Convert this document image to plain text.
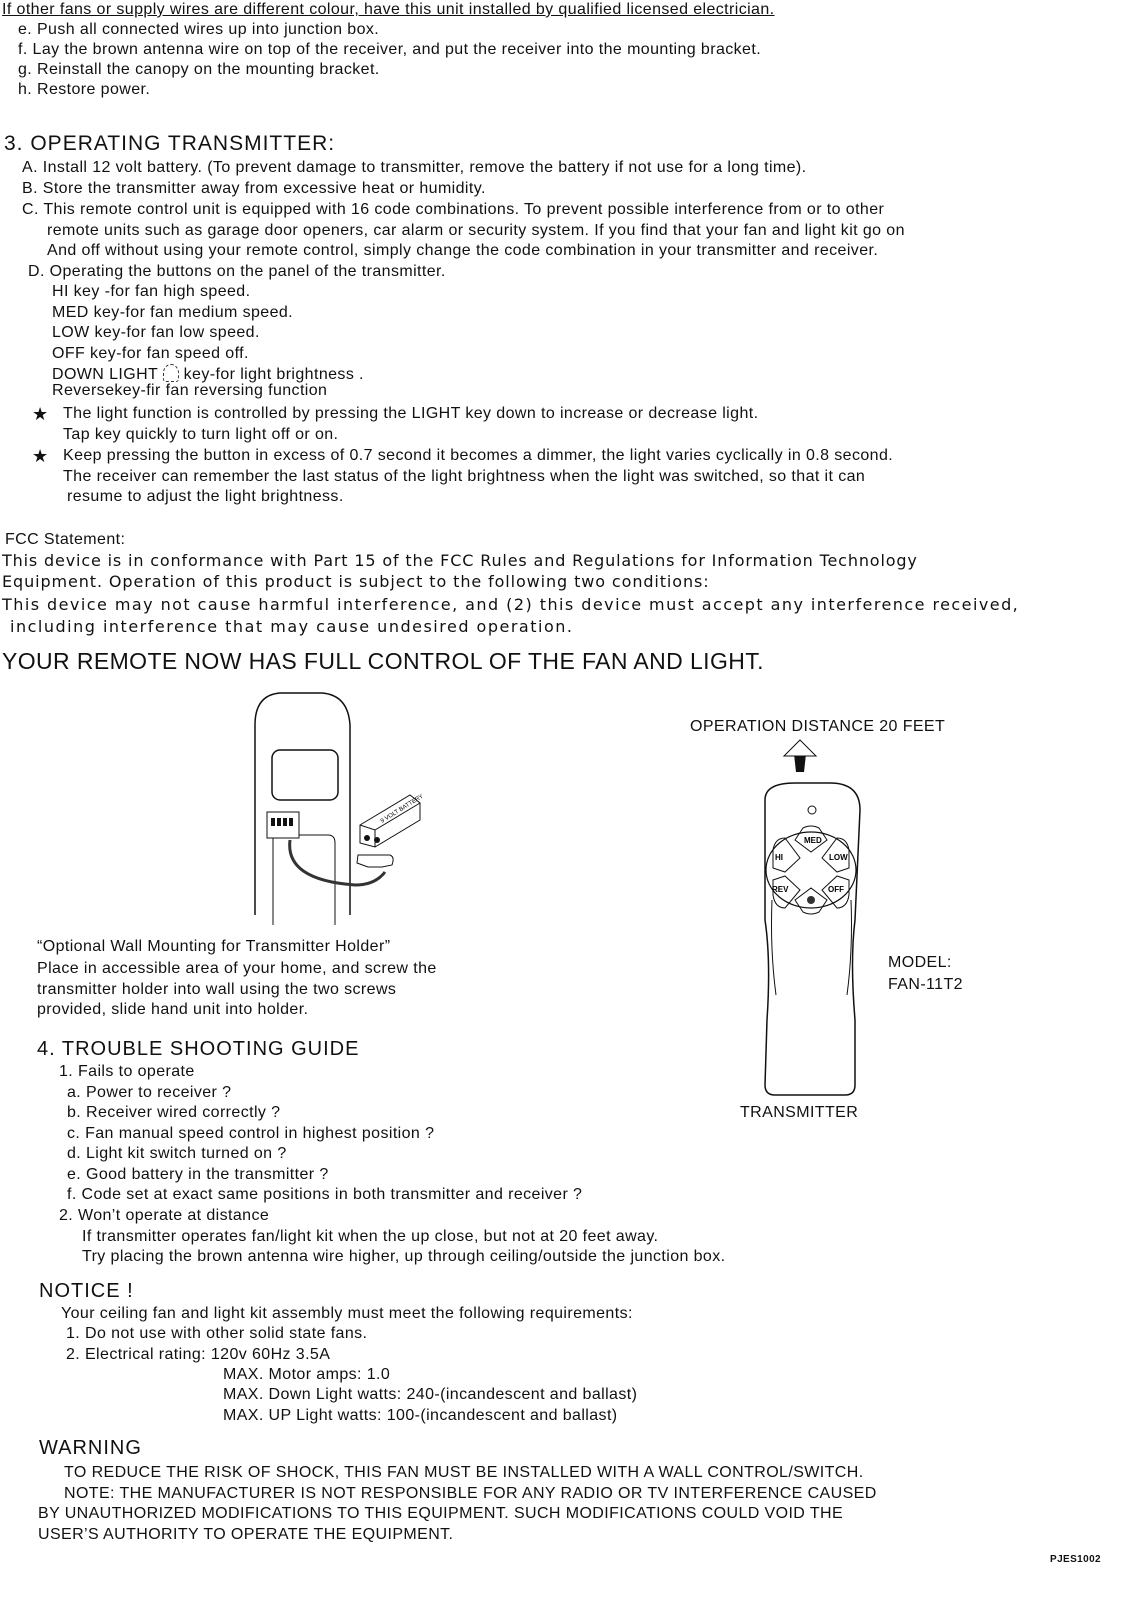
If other fans or supply wires are different colour, have this unit installed by qualified licensed electrician.
e. Push all connected wires up into junction box.
f. Lay the brown antenna wire on top of the receiver, and put the receiver into the mounting bracket.
g. Reinstall the canopy on the mounting bracket.
h. Restore power.
3. OPERATING TRANSMITTER:
A. Install 12 volt battery. (To prevent damage to transmitter, remove the battery if not use for a long time).
B. Store the transmitter away from excessive heat or humidity.
C. This remote control unit is equipped with 16 code combinations. To prevent possible interference from or to other
remote units such as garage door openers, car alarm or security system. If you find that your fan and light kit go on
And off without using your remote control, simply change the code combination in your transmitter and receiver.
D. Operating the buttons on the panel of the transmitter.
HI key -for fan high speed.
MED key-for fan medium speed.
LOW key-for fan low speed.
OFF key-for fan speed off.
DOWN LIGHT key-for light brightness .
Reversekey-fir fan reversing function
★ The light function is controlled by pressing the LIGHT key down to increase or decrease light.
Tap key quickly to turn light off or on.
★ Keep pressing the button in excess of 0.7 second it becomes a dimmer, the light varies cyclically in 0.8 second.
The receiver can remember the last status of the light brightness when the light was switched, so that it can
resume to adjust the light brightness.
FCC Statement:
This device is in conformance with Part 15 of the FCC Rules and Regulations for Information Technology
Equipment. Operation of this product is subject to the following two conditions:
This device may not cause harmful interference, and (2) this device must accept any interference received,
including interference that may cause undesired operation.
YOUR REMOTE NOW HAS FULL CONTROL OF THE FAN AND LIGHT.
9 VOLT BATTERY
OPERATION DISTANCE 20 FEET
MED
HI	LOW
REV	OFF
“Optional Wall Mounting for Transmitter Holder”
Place in accessible area of your home, and screw the
transmitter holder into wall using the two screws
provided, slide hand unit into holder.
MODEL:
FAN-11T2
TRANSMITTER
4. TROUBLE SHOOTING GUIDE
1. Fails to operate
a. Power to receiver ?
b. Receiver wired correctly ?
c. Fan manual speed control in highest position ?
d. Light kit switch turned on ?
e. Good battery in the transmitter ?
f. Code set at exact same positions in both transmitter and receiver ?
2. Won’t operate at distance
If transmitter operates fan/light kit when the up close, but not at 20 feet away.
Try placing the brown antenna wire higher, up through ceiling/outside the junction box.
NOTICE !
Your ceiling fan and light kit assembly must meet the following requirements:
1. Do not use with other solid state fans.
2. Electrical rating: 120v 60Hz 3.5A
MAX. Motor amps: 1.0
MAX. Down Light watts: 240-(incandescent and ballast)
MAX. UP Light watts: 100-(incandescent and ballast)
WARNING
TO REDUCE THE RISK OF SHOCK, THIS FAN MUST BE INSTALLED WITH A WALL CONTROL/SWITCH.
NOTE: THE MANUFACTURER IS NOT RESPONSIBLE FOR ANY RADIO OR TV INTERFERENCE CAUSED
BY UNAUTHORIZED MODIFICATIONS TO THIS EQUIPMENT. SUCH MODIFICATIONS COULD VOID THE
USER’S AUTHORITY TO OPERATE THE EQUIPMENT.
PJES1002
